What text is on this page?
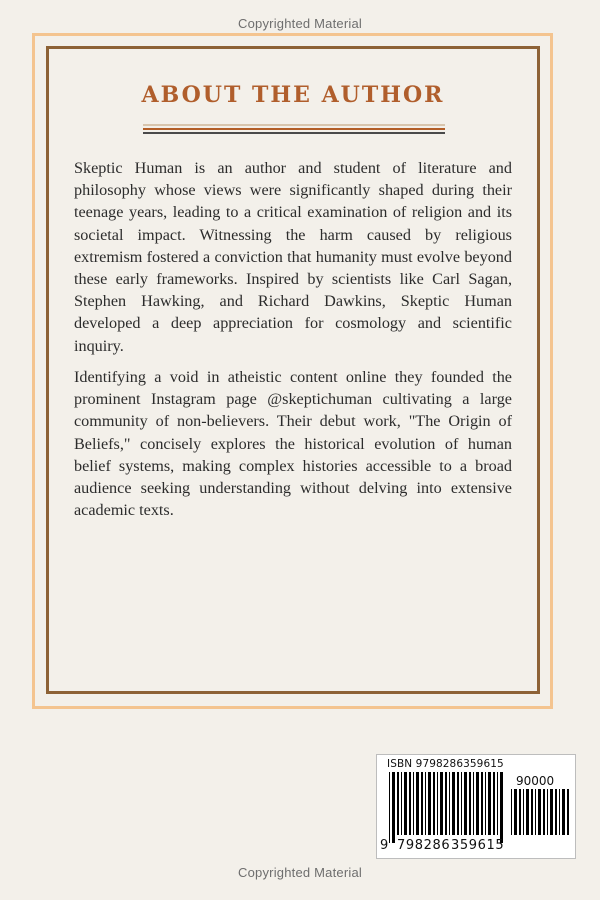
Copyrighted Material
ABOUT THE AUTHOR

Skeptic Human is an author and student of literature and philosophy whose views were significantly shaped during their teenage years, leading to a critical examination of religion and its societal impact. Witnessing the harm caused by religious extremism fostered a conviction that humanity must evolve beyond these early frameworks. Inspired by scientists like Carl Sagan, Stephen Hawking, and Richard Dawkins, Skeptic Human developed a deep appreciation for cosmology and scientific inquiry.

Identifying a void in atheistic content online they founded the prominent Instagram page @skeptichuman cultivating a large community of non-believers. Their debut work, "The Origin of Beliefs," concisely explores the historical evolution of human belief systems, making complex histories accessible to a broad audience seeking understanding without delving into extensive academic texts.

ISBN 9798286359615
90000
9 798286 359615
Copyrighted Material
